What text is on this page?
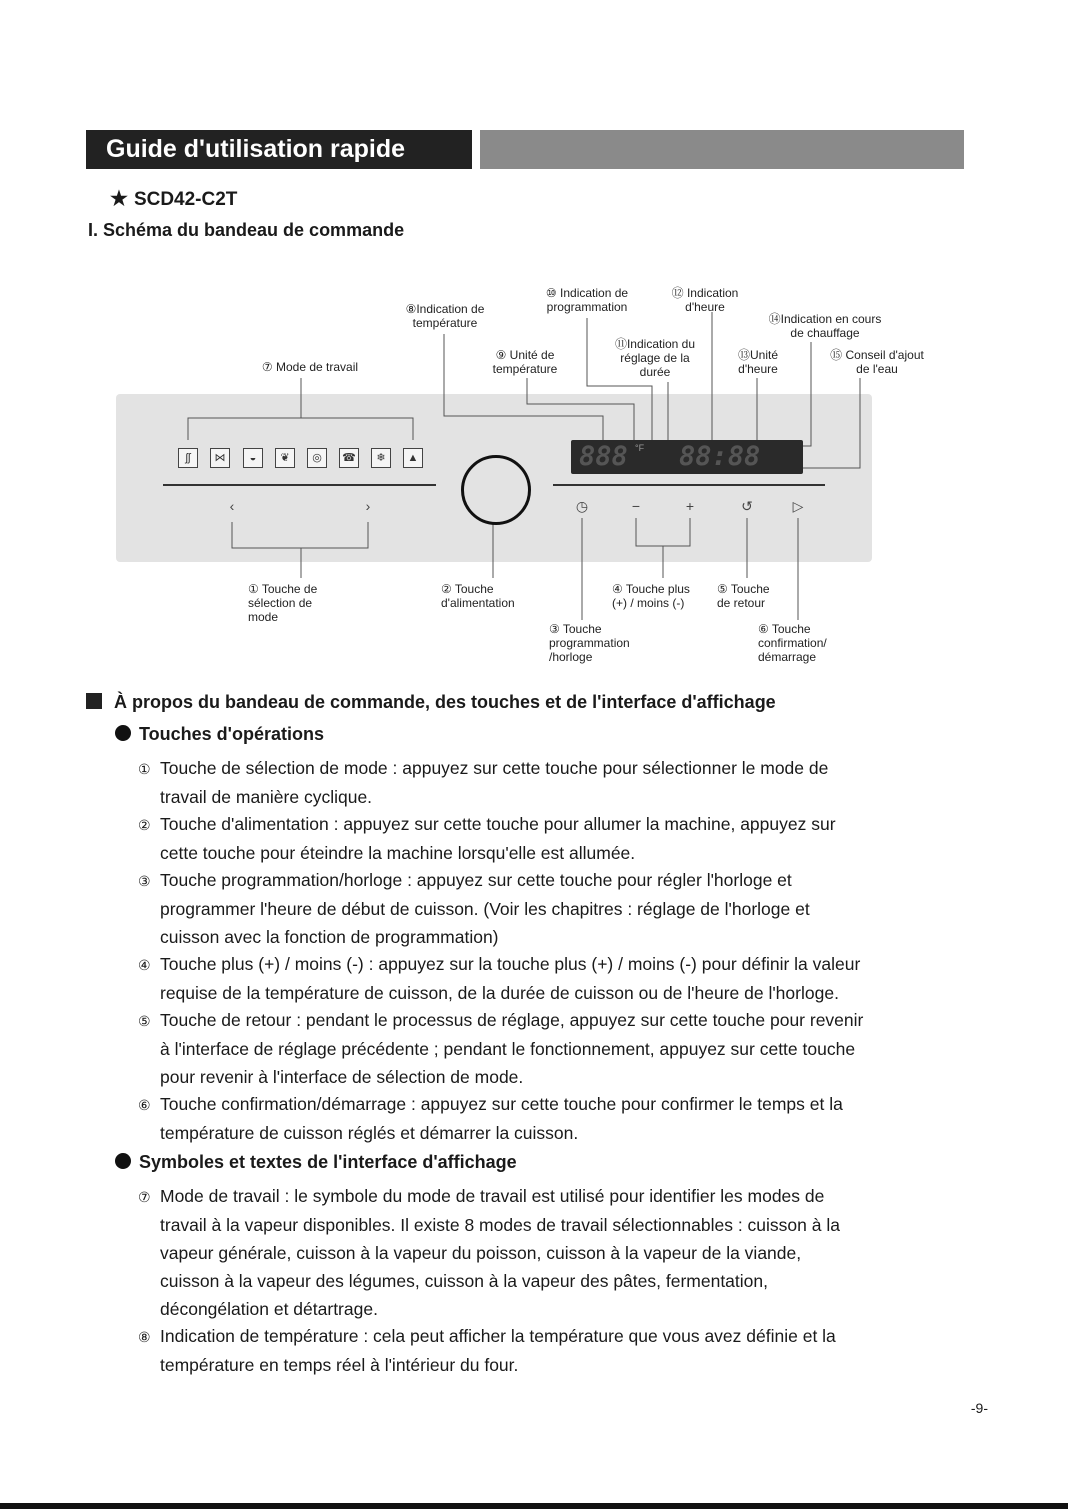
Guide d'utilisation rapide
★ SCD42-C2T
I. Schéma du bandeau de commande
⑩ Indication de
programmation
⑫ Indication
d'heure
⑧Indication de
température	⑭Indication en cours
de chauffage
⑪Indication du
réglage de la
durée
⑨ Unité de
température
⑬Unité
d'heure
⑮ Conseil d'ajout
de l'eau
⑦ Mode de travail
ʃʃ	⋈	◒	❦	◎	☎	❄	▲
‹	›
888 °F 88:88
◷	−	+	↺	▷
① Touche de
sélection de
mode
② Touche
d'alimentation
④ Touche plus
(+) / moins (-)
⑤ Touche
de retour
③ Touche
programmation
/horloge
⑥ Touche
confirmation/
démarrage
À propos du bandeau de commande, des touches et de l'interface d'affichage
Touches d'opérations
① Touche de sélection de mode : appuyez sur cette touche pour sélectionner le mode de
travail de manière cyclique.
② Touche d'alimentation : appuyez sur cette touche pour allumer la machine, appuyez sur
cette touche pour éteindre la machine lorsqu'elle est allumée.
③ Touche programmation/horloge : appuyez sur cette touche pour régler l'horloge et
programmer l'heure de début de cuisson. (Voir les chapitres : réglage de l'horloge et
cuisson avec la fonction de programmation)
④ Touche plus (+) / moins (-) : appuyez sur la touche plus (+) / moins (-) pour définir la valeur
requise de la température de cuisson, de la durée de cuisson ou de l'heure de l'horloge.
⑤ Touche de retour : pendant le processus de réglage, appuyez sur cette touche pour revenir
à l'interface de réglage précédente ; pendant le fonctionnement, appuyez sur cette touche
pour revenir à l'interface de sélection de mode.
⑥ Touche confirmation/démarrage : appuyez sur cette touche pour confirmer le temps et la
température de cuisson réglés et démarrer la cuisson.
Symboles et textes de l'interface d'affichage
⑦ Mode de travail : le symbole du mode de travail est utilisé pour identifier les modes de
travail à la vapeur disponibles. Il existe 8 modes de travail sélectionnables : cuisson à la
vapeur générale, cuisson à la vapeur du poisson, cuisson à la vapeur de la viande,
cuisson à la vapeur des légumes, cuisson à la vapeur des pâtes, fermentation,
décongélation et détartrage.
⑧ Indication de température : cela peut afficher la température que vous avez définie et la
température en temps réel à l'intérieur du four.
-9-
